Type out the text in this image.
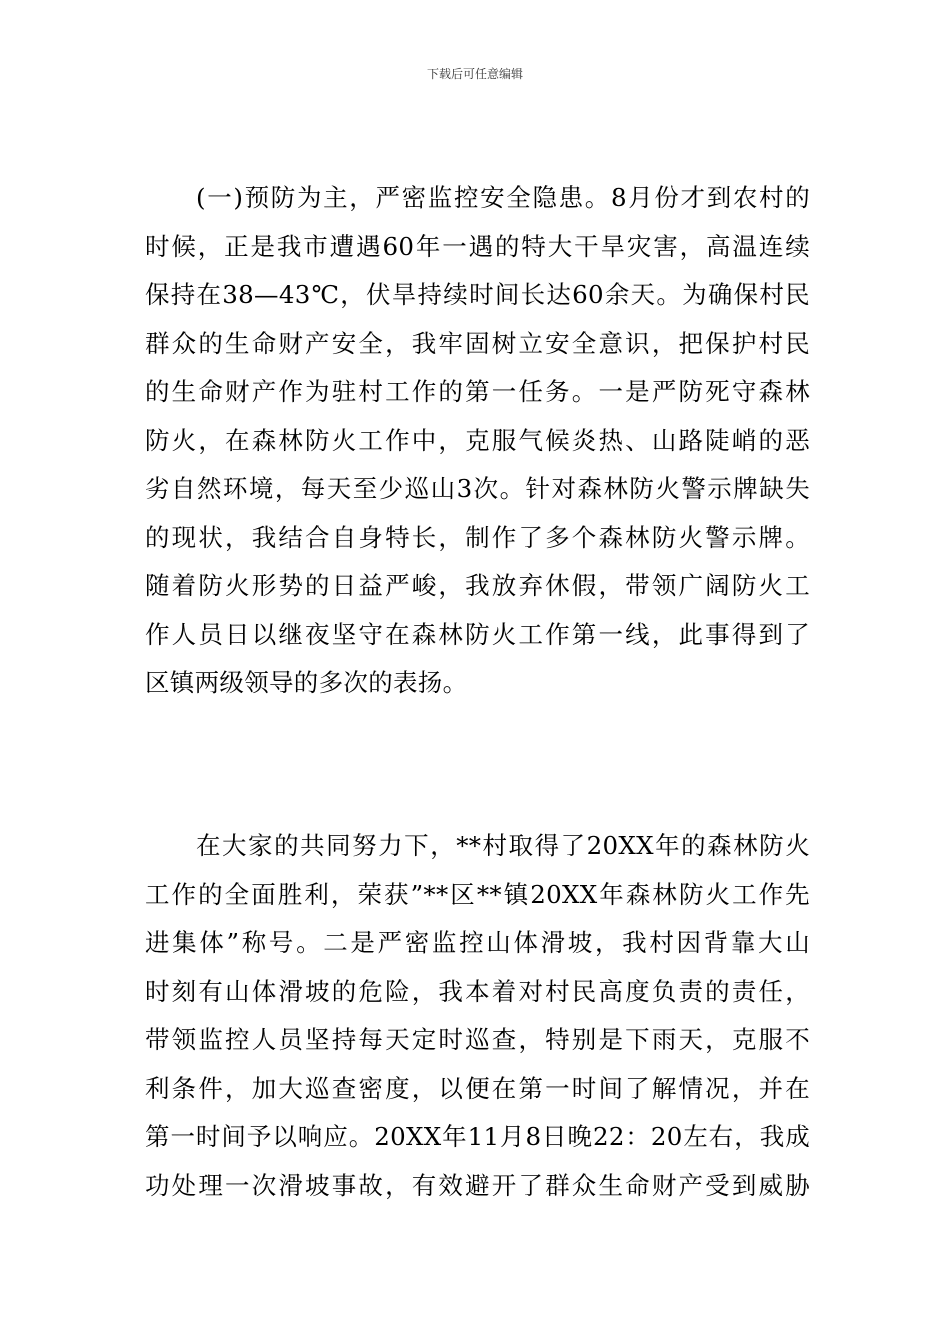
下载后可任意编辑
(一)预防为主，严密监控安全隐患。8月份才到农村的
时候，正是我市遭遇60年一遇的特大干旱灾害，高温连续
保持在38—43℃，伏旱持续时间长达60余天。为确保村民
群众的生命财产安全，我牢固树立安全意识，把保护村民
的生命财产作为驻村工作的第一任务。一是严防死守森林
防火，在森林防火工作中，克服气候炎热、山路陡峭的恶
劣自然环境，每天至少巡山3次。针对森林防火警示牌缺失
的现状，我结合自身特长，制作了多个森林防火警示牌。
随着防火形势的日益严峻，我放弃休假，带领广阔防火工
作人员日以继夜坚守在森林防火工作第一线，此事得到了
区镇两级领导的多次的表扬。
在大家的共同努力下，**村取得了20XX年的森林防火
工作的全面胜利，荣获”**区**镇20XX年森林防火工作先
进集体”称号。二是严密监控山体滑坡，我村因背靠大山
时刻有山体滑坡的危险，我本着对村民高度负责的责任，
带领监控人员坚持每天定时巡查，特别是下雨天，克服不
利条件，加大巡查密度，以便在第一时间了解情况，并在
第一时间予以响应。20XX年11月8日晚22：20左右，我成
功处理一次滑坡事故，有效避开了群众生命财产受到威胁
